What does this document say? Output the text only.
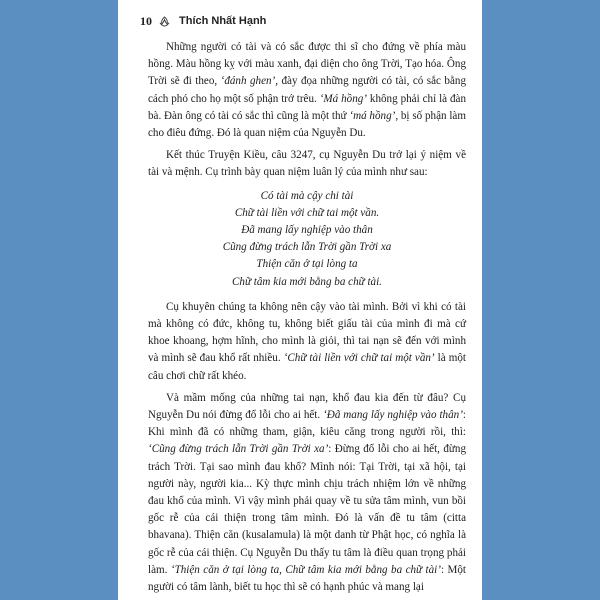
10 Thích Nhất Hạnh

Những người có tài và có sắc được thi sĩ cho đứng về phía màu hồng. Màu hồng kỵ với màu xanh, đại diện cho ông Trời, Tạo hóa. Ông Trời sẽ đi theo, ‘đánh ghen’, đày đọa những người có tài, có sắc bằng cách phó cho họ một số phận trớ trêu. ‘Má hồng’ không phải chỉ là đàn bà. Đàn ông có tài có sắc thì cũng là một thứ ‘má hồng’, bị số phận làm cho điêu đứng. Đó là quan niệm của Nguyễn Du.

Kết thúc Truyện Kiều, câu 3247, cụ Nguyễn Du trở lại ý niệm về tài và mệnh. Cụ trình bày quan niệm luân lý của mình như sau:

Có tài mà cậy chi tài
Chữ tài liền với chữ tai một vần.
Đã mang lấy nghiệp vào thân
Cũng đừng trách lẫn Trời gần Trời xa
Thiện căn ở tại lòng ta
Chữ tâm kia mới bằng ba chữ tài.

Cụ khuyên chúng ta không nên cậy vào tài mình. Bởi vì khi có tài mà không có đức, không tu, không biết giấu tài của mình đi mà cứ khoe khoang, hợm hĩnh, cho mình là giỏi, thì tai nạn sẽ đến với mình và mình sẽ đau khổ rất nhiều. ‘Chữ tài liền với chữ tai một vần’ là một câu chơi chữ rất khéo.

Và mầm mống của những tai nạn, khổ đau kia đến từ đâu? Cụ Nguyễn Du nói đừng đổ lỗi cho ai hết. ‘Đã mang lấy nghiệp vào thân’: Khi mình đã có những tham, giận, kiêu căng trong người rồi, thì: ‘Cũng đừng trách lẫn Trời gần Trời xa’: Đừng đổ lỗi cho ai hết, đừng trách Trời. Tại sao mình đau khổ? Mình nói: Tại Trời, tại xã hội, tại người này, người kia... Kỳ thực mình chịu trách nhiệm lớn về những đau khổ của mình. Vì vậy mình phải quay về tu sửa tâm mình, vun bồi gốc rễ của cái thiện trong tâm mình. Đó là vấn đề tu tâm (citta bhavana). Thiện căn (kusalamula) là một danh từ Phật học, có nghĩa là gốc rễ của cái thiện. Cụ Nguyễn Du thấy tu tâm là điều quan trọng phải làm. ‘Thiện căn ở tại lòng ta, Chữ tâm kia mới bằng ba chữ tài’: Một người có tâm lành, biết tu học thì sẽ có hạnh phúc và mang lại
